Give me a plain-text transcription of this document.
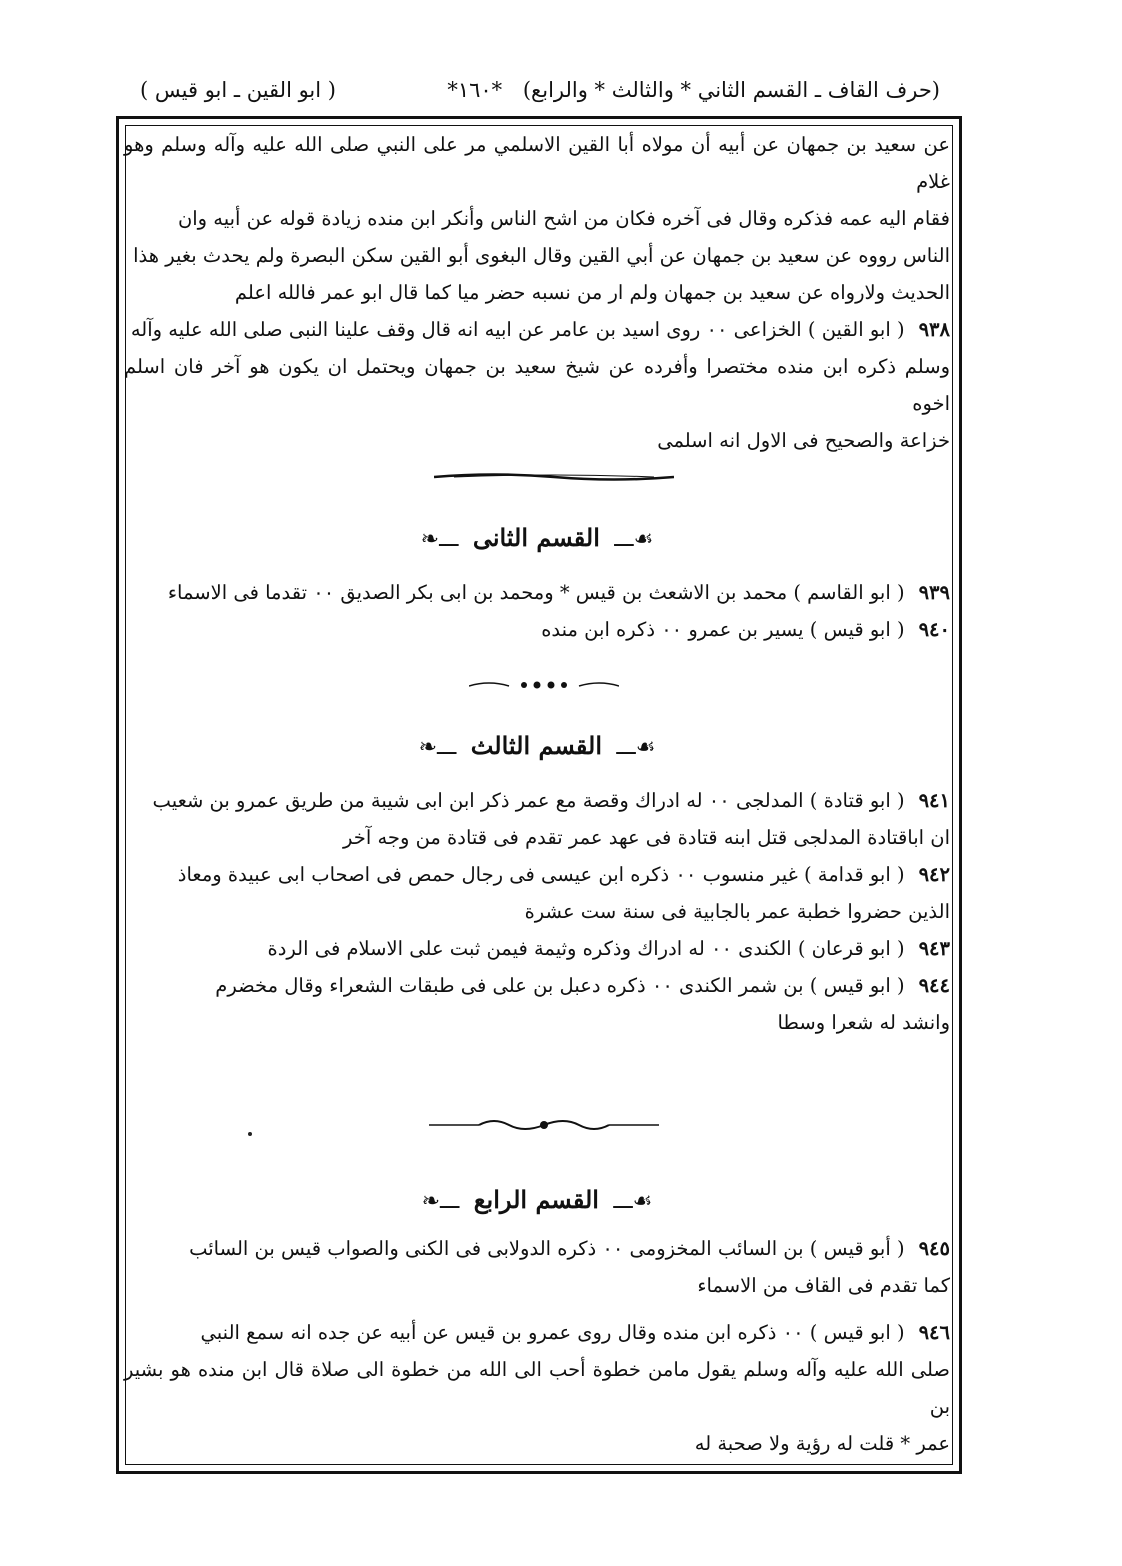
(حرف القاف ـ القسم الثاني * والثالث * والرابع) *١٦٠*
( ابو القين ـ ابو قيس )

عن سعيد بن جمهان عن أبيه أن مولاه أبا القين الاسلمي مر على النبي صلى الله عليه وآله وسلم وهو غلام

فقام اليه عمه فذكره وقال فى آخره فكان من اشح الناس وأنكر ابن منده زيادة قوله عن أبيه وان

الناس رووه عن سعيد بن جمهان عن أبي القين وقال البغوى أبو القين سكن البصرة ولم يحدث بغير هذا

الحديث ولارواه عن سعيد بن جمهان ولم ار من نسبه حضر ميا كما قال ابو عمر فالله اعلم

٩٣٨( ابو القين ) الخزاعى ٠٠ روى اسيد بن عامر عن ابيه انه قال وقف علينا النبى صلى الله عليه وآله

وسلم ذكره ابن منده مختصرا وأفرده عن شيخ سعيد بن جمهان ويحتمل ان يكون هو آخر فان اسلم اخوه

خزاعة والصحيح فى الاول انه اسلمى

☙ـــ القسم الثانى ـــ❧

٩٣٩( ابو القاسم ) محمد بن الاشعث بن قيس * ومحمد بن ابى بكر الصديق ٠٠ تقدما فى الاسماء

٩٤٠( ابو قيس ) يسير بن عمرو ٠٠ ذكره ابن منده

☙ـــ القسم الثالث ـــ❧

٩٤١( ابو قتادة ) المدلجى ٠٠ له ادراك وقصة مع عمر ذكر ابن ابى شيبة من طريق عمرو بن شعيب

ان اباقتادة المدلجى قتل ابنه قتادة فى عهد عمر تقدم فى قتادة من وجه آخر

٩٤٢( ابو قدامة ) غير منسوب ٠٠ ذكره ابن عيسى فى رجال حمص فى اصحاب ابى عبيدة ومعاذ

الذين حضروا خطبة عمر بالجابية فى سنة ست عشرة

٩٤٣( ابو قرعان ) الكندى ٠٠ له ادراك وذكره وثيمة فيمن ثبت على الاسلام فى الردة

٩٤٤( ابو قيس ) بن شمر الكندى ٠٠ ذكره دعبل بن على فى طبقات الشعراء وقال مخضرم

وانشد له شعرا وسطا

☙ـــ القسم الرابع ـــ❧

٩٤٥( أبو قيس ) بن السائب المخزومى ٠٠ ذكره الدولابى فى الكنى والصواب قيس بن السائب

كما تقدم فى القاف من الاسماء

٩٤٦( ابو قيس ) ٠٠ ذكره ابن منده وقال روى عمرو بن قيس عن أبيه عن جده انه سمع النبي

صلى الله عليه وآله وسلم يقول مامن خطوة أحب الى الله من خطوة الى صلاة قال ابن منده هو بشير بن

عمر * قلت له رؤية ولا صحبة له
